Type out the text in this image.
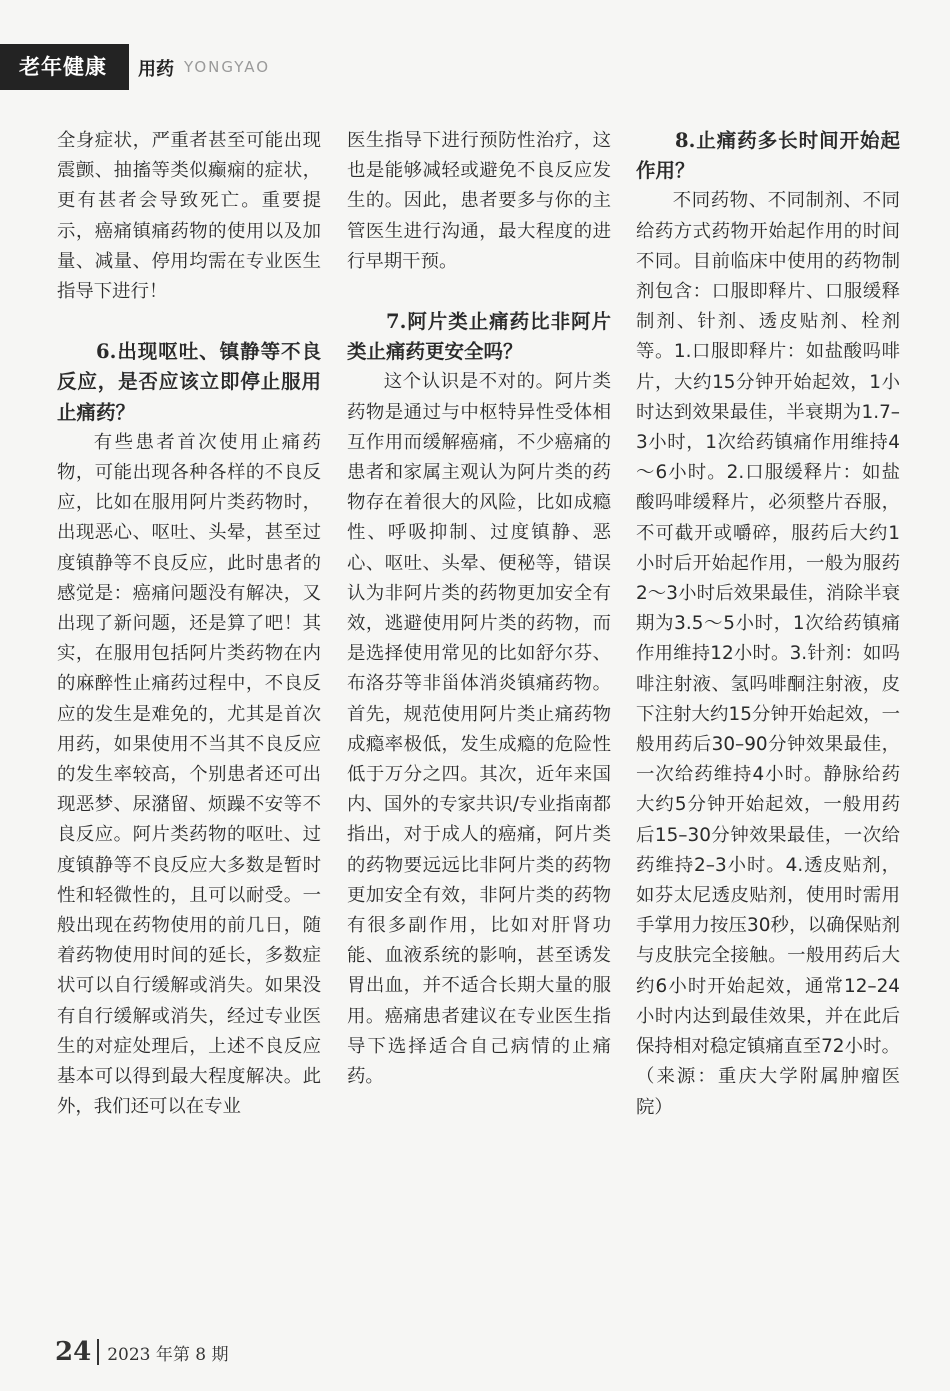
老年健康	用药 YONGYAO

全身症状，严重者甚至可能出现震颤、抽搐等类似癫痫的症状，更有甚者会导致死亡。重要提示，癌痛镇痛药物的使用以及加量、减量、停用均需在专业医生指导下进行！

6.出现呕吐、镇静等不良反应，是否应该立即停止服用止痛药？

有些患者首次使用止痛药物，可能出现各种各样的不良反应，比如在服用阿片类药物时，出现恶心、呕吐、头晕，甚至过度镇静等不良反应，此时患者的感觉是：癌痛问题没有解决，又出现了新问题，还是算了吧！其实，在服用包括阿片类药物在内的麻醉性止痛药过程中，不良反应的发生是难免的，尤其是首次用药，如果使用不当其不良反应的发生率较高，个别患者还可出现恶梦、尿潴留、烦躁不安等不良反应。阿片类药物的呕吐、过度镇静等不良反应大多数是暂时性和轻微性的，且可以耐受。一般出现在药物使用的前几日，随着药物使用时间的延长，多数症状可以自行缓解或消失。如果没有自行缓解或消失，经过专业医生的对症处理后，上述不良反应基本可以得到最大程度解决。此外，我们还可以在专业

医生指导下进行预防性治疗，这也是能够减轻或避免不良反应发生的。因此，患者要多与你的主管医生进行沟通，最大程度的进行早期干预。

7.阿片类止痛药比非阿片类止痛药更安全吗？

这个认识是不对的。阿片类药物是通过与中枢特异性受体相互作用而缓解癌痛，不少癌痛的患者和家属主观认为阿片类的药物存在着很大的风险，比如成瘾性、呼吸抑制、过度镇静、恶心、呕吐、头晕、便秘等，错误认为非阿片类的药物更加安全有效，逃避使用阿片类的药物，而是选择使用常见的比如舒尔芬、布洛芬等非甾体消炎镇痛药物。首先，规范使用阿片类止痛药物成瘾率极低，发生成瘾的危险性低于万分之四。其次，近年来国内、国外的专家共识/专业指南都指出，对于成人的癌痛，阿片类的药物要远远比非阿片类的药物更加安全有效，非阿片类的药物有很多副作用，比如对肝肾功能、血液系统的影响，甚至诱发胃出血，并不适合长期大量的服用。癌痛患者建议在专业医生指导下选择适合自己病情的止痛药。

8.止痛药多长时间开始起作用？

不同药物、不同制剂、不同给药方式药物开始起作用的时间不同。目前临床中使用的药物制剂包含：口服即释片、口服缓释制剂、针剂、透皮贴剂、栓剂等。1.口服即释片：如盐酸吗啡片，大约15分钟开始起效，1小时达到效果最佳，半衰期为1.7–3小时，1次给药镇痛作用维持4～6小时。2.口服缓释片：如盐酸吗啡缓释片，必须整片吞服，不可截开或嚼碎，服药后大约1小时后开始起作用，一般为服药2～3小时后效果最佳，消除半衰期为3.5～5小时，1次给药镇痛作用维持12小时。3.针剂：如吗啡注射液、氢吗啡酮注射液，皮下注射大约15分钟开始起效，一般用药后30–90分钟效果最佳，一次给药维持4小时。静脉给药大约5分钟开始起效，一般用药后15–30分钟效果最佳，一次给药维持2–3小时。4.透皮贴剂，如芬太尼透皮贴剂，使用时需用手掌用力按压30秒，以确保贴剂与皮肤完全接触。一般用药后大约6小时开始起效，通常12–24小时内达到最佳效果，并在此后保持相对稳定镇痛直至72小时。（来源：重庆大学附属肿瘤医院）

24 2023 年第 8 期
